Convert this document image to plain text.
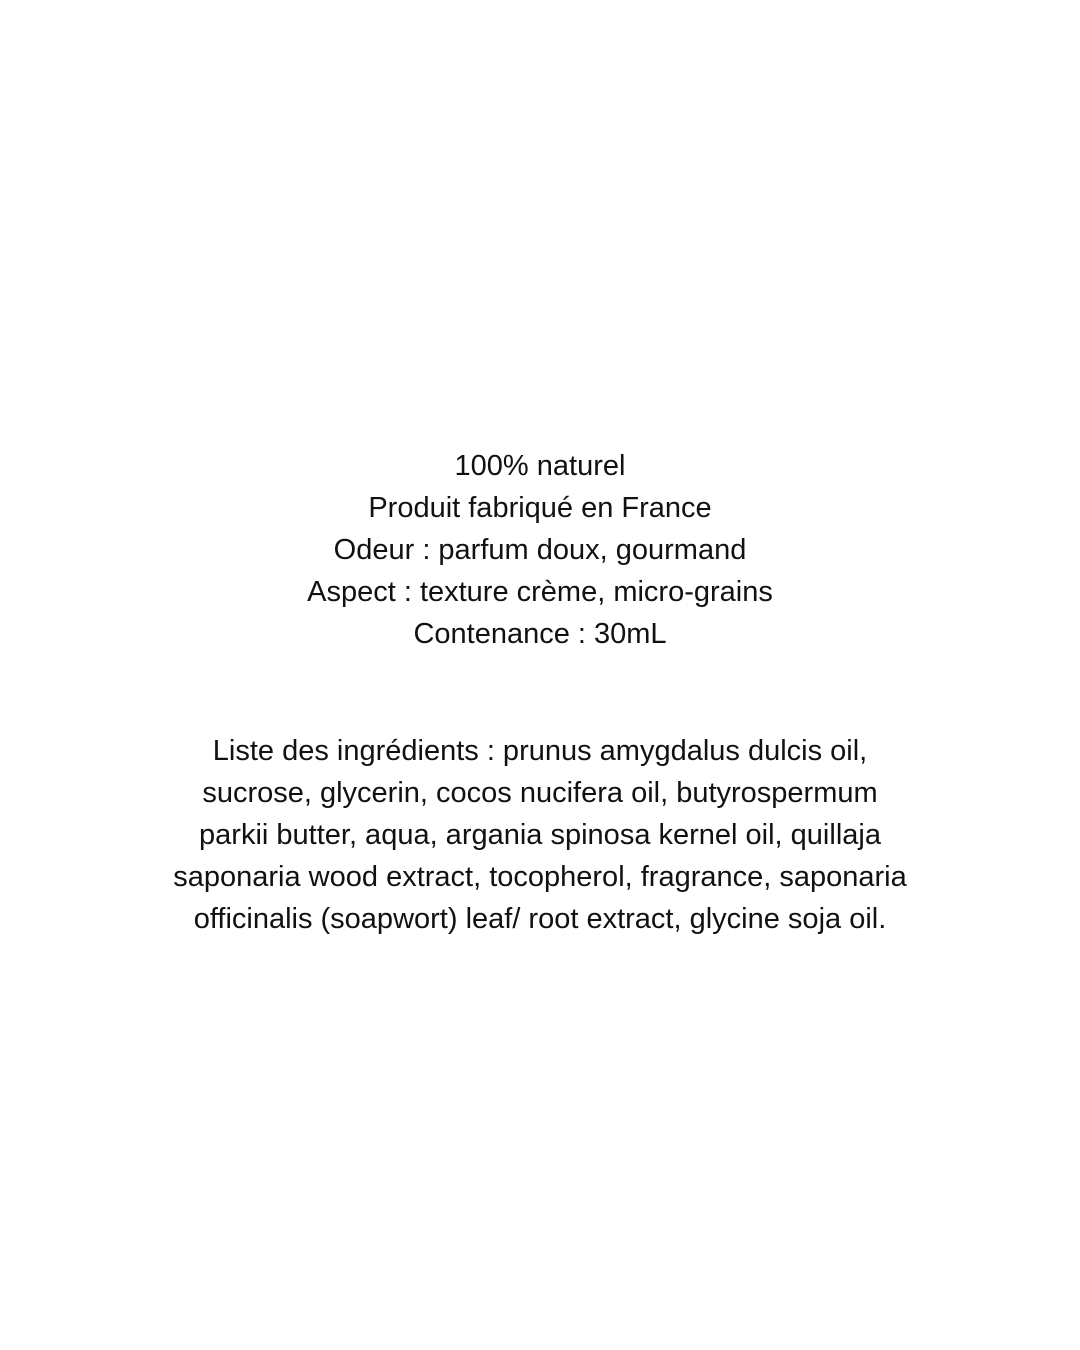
100% naturel
Produit fabriqué en France
Odeur : parfum doux, gourmand
Aspect : texture crème, micro-grains
Contenance : 30mL
Liste des ingrédients : prunus amygdalus dulcis oil,
sucrose, glycerin, cocos nucifera oil, butyrospermum
parkii butter, aqua, argania spinosa kernel oil, quillaja
saponaria wood extract, tocopherol, fragrance, saponaria
officinalis (soapwort) leaf/ root extract, glycine soja oil.
